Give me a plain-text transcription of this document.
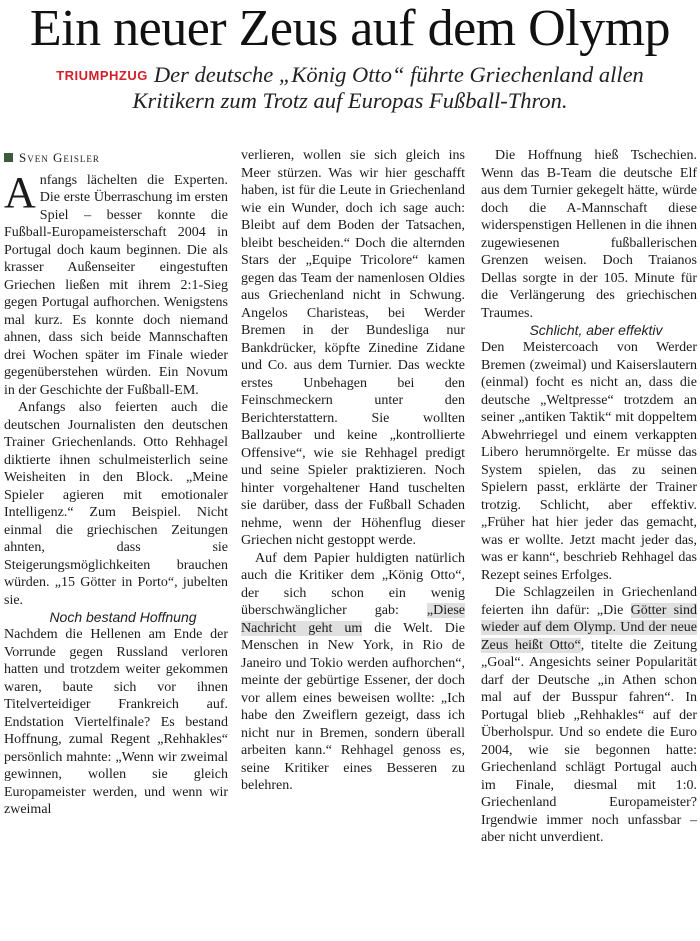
Ein neuer Zeus auf dem Olymp

TRIUMPHZUG Der deutsche „König Otto“ führte Griechenland allen Kritikern zum Trotz auf Europas Fußball-Thron.

Sven Geisler

Anfangs lächelten die Experten. Die erste Überraschung im ersten Spiel – besser konnte die Fußball-Europameisterschaft 2004 in Portugal doch kaum beginnen. Die als krasser Außenseiter eingestuften Griechen ließen mit ihrem 2:1-Sieg gegen Portugal aufhorchen. Wenigstens mal kurz. Es konnte doch niemand ahnen, dass sich beide Mannschaften drei Wochen später im Finale wieder gegenüberstehen würden. Ein Novum in der Geschichte der Fußball-EM.

Anfangs also feierten auch die deutschen Journalisten den deutschen Trainer Griechenlands. Otto Rehhagel diktierte ihnen schulmeisterlich seine Weisheiten in den Block. „Meine Spieler agieren mit emotionaler Intelligenz.“ Zum Beispiel. Nicht einmal die griechischen Zeitungen ahnten, dass sie Steigerungsmöglichkeiten brauchen würden. „15 Götter in Porto“, jubelten sie.

Noch bestand Hoffnung

Nachdem die Hellenen am Ende der Vorrunde gegen Russland verloren hatten und trotzdem weiter gekommen waren, baute sich vor ihnen Titelverteidiger Frankreich auf. Endstation Viertelfinale? Es bestand Hoffnung, zumal Regent „Rehhakles“ persönlich mahnte: „Wenn wir zweimal gewinnen, wollen sie gleich Europameister werden, und wenn wir zweimal

verlieren, wollen sie sich gleich ins Meer stürzen. Was wir hier geschafft haben, ist für die Leute in Griechenland wie ein Wunder, doch ich sage auch: Bleibt auf dem Boden der Tatsachen, bleibt bescheiden.“ Doch die alternden Stars der „Equipe Tricolore“ kamen gegen das Team der namenlosen Oldies aus Griechenland nicht in Schwung. Angelos Charisteas, bei Werder Bremen in der Bundesliga nur Bankdrücker, köpfte Zinedine Zidane und Co. aus dem Turnier. Das weckte erstes Unbehagen bei den Feinschmeckern unter den Berichterstattern. Sie wollten Ballzauber und keine „kontrollierte Offensive“, wie sie Rehhagel predigt und seine Spieler praktizieren. Noch hinter vorgehaltener Hand tuschelten sie darüber, dass der Fußball Schaden nehme, wenn der Höhenflug dieser Griechen nicht gestoppt werde.

Auf dem Papier huldigten natürlich auch die Kritiker dem „König Otto“, der sich schon ein wenig überschwänglicher gab: „Diese Nachricht geht um die Welt. Die Menschen in New York, in Rio de Janeiro und Tokio werden aufhorchen“, meinte der gebürtige Essener, der doch vor allem eines beweisen wollte: „Ich habe den Zweiflern gezeigt, dass ich nicht nur in Bremen, sondern überall arbeiten kann.“ Rehhagel genoss es, seine Kritiker eines Besseren zu belehren.

Die Hoffnung hieß Tschechien. Wenn das B-Team die deutsche Elf aus dem Turnier gekegelt hätte, würde doch die A-Mannschaft diese widerspenstigen Hellenen in die ihnen zugewiesenen fußballerischen Grenzen weisen. Doch Traianos Dellas sorgte in der 105. Minute für die Verlängerung des griechischen Traumes.

Schlicht, aber effektiv

Den Meistercoach von Werder Bremen (zweimal) und Kaiserslautern (einmal) focht es nicht an, dass die deutsche „Weltpresse“ trotzdem an seiner „antiken Taktik“ mit doppeltem Abwehrriegel und einem verkappten Libero herumnörgelte. Er müsse das System spielen, das zu seinen Spielern passt, erklärte der Trainer trotzig. Schlicht, aber effektiv. „Früher hat hier jeder das gemacht, was er wollte. Jetzt macht jeder das, was er kann“, beschrieb Rehhagel das Rezept seines Erfolges.

Die Schlagzeilen in Griechenland feierten ihn dafür: „Die Götter sind wieder auf dem Olymp. Und der neue Zeus heißt Otto“, titelte die Zeitung „Goal“. Angesichts seiner Popularität darf der Deutsche „in Athen schon mal auf der Busspur fahren“. In Portugal blieb „Rehhakles“ auf der Überholspur. Und so endete die Euro 2004, wie sie begonnen hatte: Griechenland schlägt Portugal auch im Finale, diesmal mit 1:0. Griechenland Europameister? Irgendwie immer noch unfassbar – aber nicht unverdient.
